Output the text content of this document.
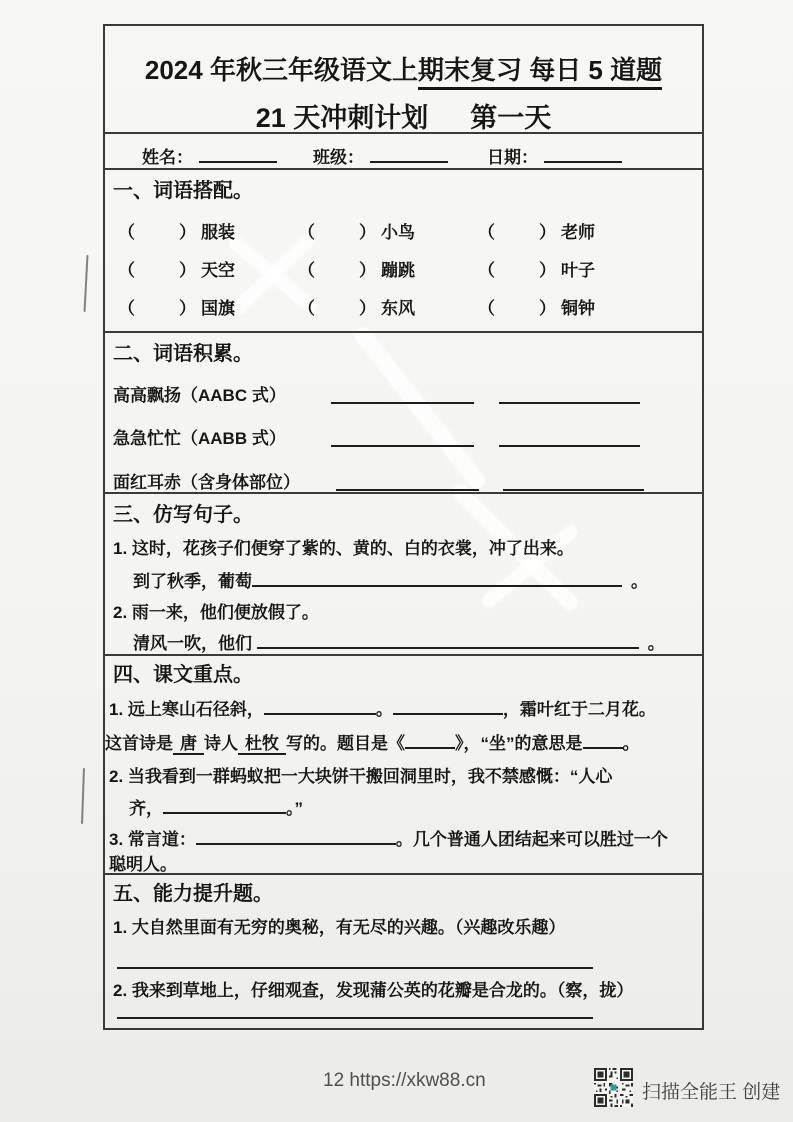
2024 年秋三年级语文上期末复习 每日 5 道题
21 天冲刺计划 第一天
姓名：	班级：	日期：
一、词语搭配。
（	） 服装	（	） 小鸟	（	） 老师
（	） 天空	（	） 蹦跳	（	） 叶子
（	） 国旗	（	） 东风	（	） 铜钟
二、词语积累。
高高飘扬（AABC 式）
急急忙忙（AABB 式）
面红耳赤（含身体部位）
三、仿写句子。
1. 这时，花孩子们便穿了紫的、黄的、白的衣裳，冲了出来。
到了秋季，葡萄	。
2. 雨一来，他们便放假了。
清风一吹，他们	。
四、课文重点。
1. 远上寒山石径斜，	。	，霜叶红于二月花。
这首诗是 唐 诗人 杜牧 写的。题目是《	》，“坐”的意思是 。
2. 当我看到一群蚂蚁把一大块饼干搬回洞里时，我不禁感慨：“人心
齐，	。”
3. 常言道：	。几个普通人团结起来可以胜过一个
聪明人。
五、能力提升题。
1. 大自然里面有无穷的奥秘，有无尽的兴趣。（兴趣改乐趣）
2. 我来到草地上，仔细观查，发现蒲公英的花瓣是合龙的。（察，拢）
12 https://xkw88.cn
扫描全能王 创建
